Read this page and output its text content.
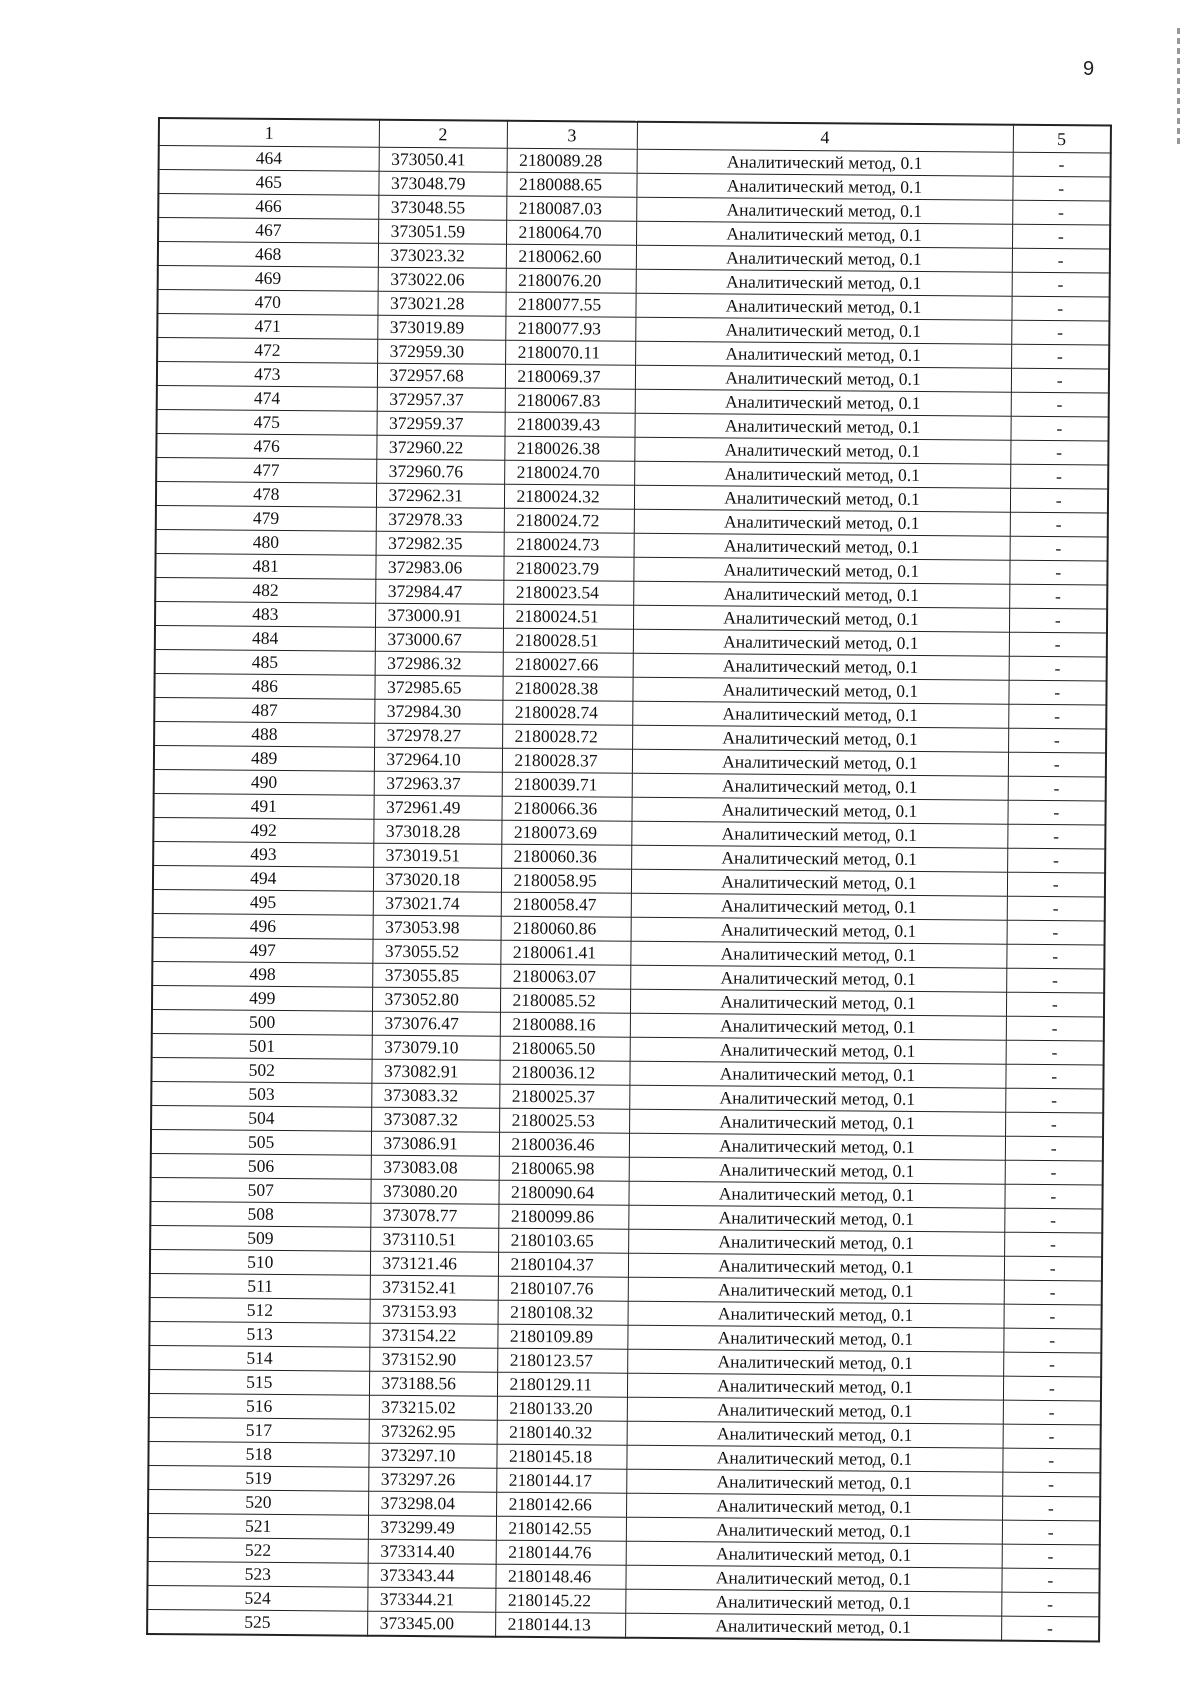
9
1	2	3	4	5
464	373050.41	2180089.28	Аналитический метод, 0.1	-
465	373048.79	2180088.65	Аналитический метод, 0.1	-
466	373048.55	2180087.03	Аналитический метод, 0.1	-
467	373051.59	2180064.70	Аналитический метод, 0.1	-
468	373023.32	2180062.60	Аналитический метод, 0.1	-
469	373022.06	2180076.20	Аналитический метод, 0.1	-
470	373021.28	2180077.55	Аналитический метод, 0.1	-
471	373019.89	2180077.93	Аналитический метод, 0.1	-
472	372959.30	2180070.11	Аналитический метод, 0.1	-
473	372957.68	2180069.37	Аналитический метод, 0.1	-
474	372957.37	2180067.83	Аналитический метод, 0.1	-
475	372959.37	2180039.43	Аналитический метод, 0.1	-
476	372960.22	2180026.38	Аналитический метод, 0.1	-
477	372960.76	2180024.70	Аналитический метод, 0.1	-
478	372962.31	2180024.32	Аналитический метод, 0.1	-
479	372978.33	2180024.72	Аналитический метод, 0.1	-
480	372982.35	2180024.73	Аналитический метод, 0.1	-
481	372983.06	2180023.79	Аналитический метод, 0.1	-
482	372984.47	2180023.54	Аналитический метод, 0.1	-
483	373000.91	2180024.51	Аналитический метод, 0.1	-
484	373000.67	2180028.51	Аналитический метод, 0.1	-
485	372986.32	2180027.66	Аналитический метод, 0.1	-
486	372985.65	2180028.38	Аналитический метод, 0.1	-
487	372984.30	2180028.74	Аналитический метод, 0.1	-
488	372978.27	2180028.72	Аналитический метод, 0.1	-
489	372964.10	2180028.37	Аналитический метод, 0.1	-
490	372963.37	2180039.71	Аналитический метод, 0.1	-
491	372961.49	2180066.36	Аналитический метод, 0.1	-
492	373018.28	2180073.69	Аналитический метод, 0.1	-
493	373019.51	2180060.36	Аналитический метод, 0.1	-
494	373020.18	2180058.95	Аналитический метод, 0.1	-
495	373021.74	2180058.47	Аналитический метод, 0.1	-
496	373053.98	2180060.86	Аналитический метод, 0.1	-
497	373055.52	2180061.41	Аналитический метод, 0.1	-
498	373055.85	2180063.07	Аналитический метод, 0.1	-
499	373052.80	2180085.52	Аналитический метод, 0.1	-
500	373076.47	2180088.16	Аналитический метод, 0.1	-
501	373079.10	2180065.50	Аналитический метод, 0.1	-
502	373082.91	2180036.12	Аналитический метод, 0.1	-
503	373083.32	2180025.37	Аналитический метод, 0.1	-
504	373087.32	2180025.53	Аналитический метод, 0.1	-
505	373086.91	2180036.46	Аналитический метод, 0.1	-
506	373083.08	2180065.98	Аналитический метод, 0.1	-
507	373080.20	2180090.64	Аналитический метод, 0.1	-
508	373078.77	2180099.86	Аналитический метод, 0.1	-
509	373110.51	2180103.65	Аналитический метод, 0.1	-
510	373121.46	2180104.37	Аналитический метод, 0.1	-
511	373152.41	2180107.76	Аналитический метод, 0.1	-
512	373153.93	2180108.32	Аналитический метод, 0.1	-
513	373154.22	2180109.89	Аналитический метод, 0.1	-
514	373152.90	2180123.57	Аналитический метод, 0.1	-
515	373188.56	2180129.11	Аналитический метод, 0.1	-
516	373215.02	2180133.20	Аналитический метод, 0.1	-
517	373262.95	2180140.32	Аналитический метод, 0.1	-
518	373297.10	2180145.18	Аналитический метод, 0.1	-
519	373297.26	2180144.17	Аналитический метод, 0.1	-
520	373298.04	2180142.66	Аналитический метод, 0.1	-
521	373299.49	2180142.55	Аналитический метод, 0.1	-
522	373314.40	2180144.76	Аналитический метод, 0.1	-
523	373343.44	2180148.46	Аналитический метод, 0.1	-
524	373344.21	2180145.22	Аналитический метод, 0.1	-
525	373345.00	2180144.13	Аналитический метод, 0.1	-
